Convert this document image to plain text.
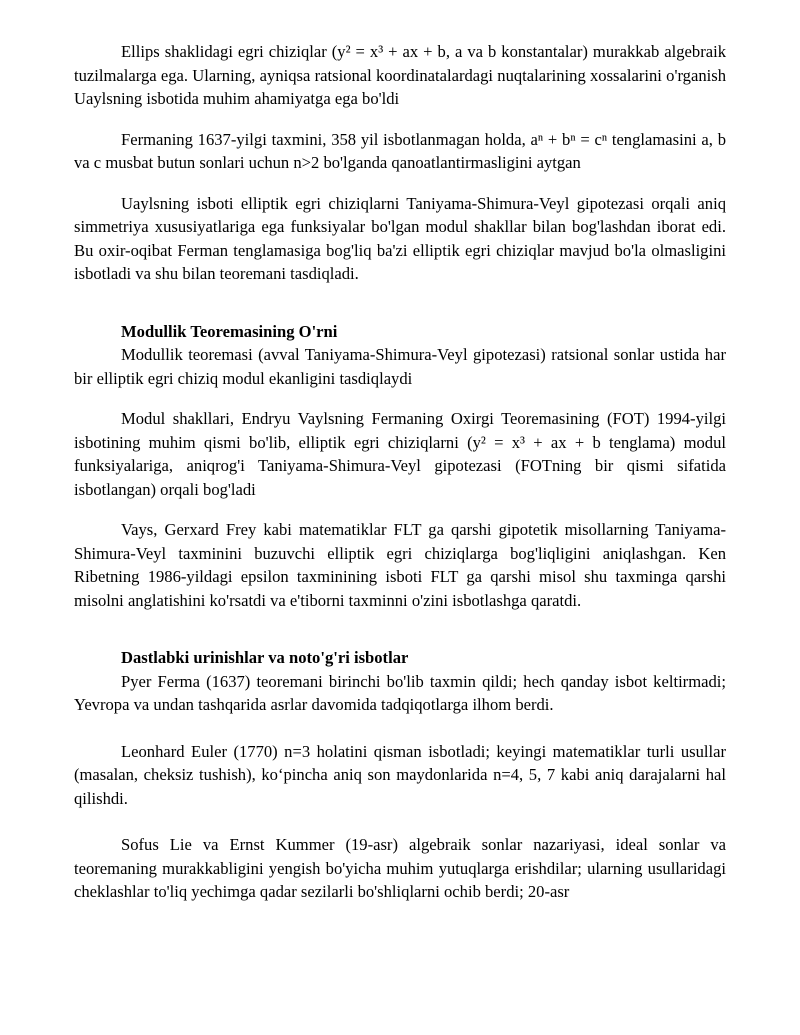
Ellips shaklidagi egri chiziqlar (y² = x³ + ax + b, a va b konstantalar) murakkab algebraik tuzilmalarga ega. Ularning, ayniqsa ratsional koordinatalardagi nuqtalarining xossalarini o'rganish Uaylsning isbotida muhim ahamiyatga ega bo'ldi

Fermaning 1637-yilgi taxmini, 358 yil isbotlanmagan holda, aⁿ + bⁿ = cⁿ tenglamasini a, b va c musbat butun sonlari uchun n>2 bo'lganda qanoatlantirmasligini aytgan

Uaylsning isboti elliptik egri chiziqlarni Taniyama-Shimura-Veyl gipotezasi orqali aniq simmetriya xususiyatlariga ega funksiyalar bo'lgan modul shakllar bilan bog'lashdan iborat edi. Bu oxir-oqibat Ferman tenglamasiga bog'liq ba'zi elliptik egri chiziqlar mavjud bo'la olmasligini isbotladi va shu bilan teoremani tasdiqladi.

Modullik Teoremasining O'rni

Modullik teoremasi (avval Taniyama-Shimura-Veyl gipotezasi) ratsional sonlar ustida har bir elliptik egri chiziq modul ekanligini tasdiqlaydi

Modul shakllari, Endryu Vaylsning Fermaning Oxirgi Teoremasining (FOT) 1994-yilgi isbotining muhim qismi bo'lib, elliptik egri chiziqlarni (y² = x³ + ax + b tenglama) modul funksiyalariga, aniqrog'i Taniyama-Shimura-Veyl gipotezasi (FOTning bir qismi sifatida isbotlangan) orqali bog'ladi

Vays, Gerxard Frey kabi matematiklar FLT ga qarshi gipotetik misollarning Taniyama-Shimura-Veyl taxminini buzuvchi elliptik egri chiziqlarga bog'liqligini aniqlashgan. Ken Ribetning 1986-yildagi epsilon taxminining isboti FLT ga qarshi misol shu taxminga qarshi misolni anglatishini ko'rsatdi va e'tiborni taxminni o'zini isbotlashga qaratdi.

Dastlabki urinishlar va noto'g'ri isbotlar

Pyer Ferma (1637) teoremani birinchi bo'lib taxmin qildi; hech qanday isbot keltirmadi; Yevropa va undan tashqarida asrlar davomida tadqiqotlarga ilhom berdi.

Leonhard Euler (1770) n=3 holatini qisman isbotladi; keyingi matematiklar turli usullar (masalan, cheksiz tushish), ko‘pincha aniq son maydonlarida n=4, 5, 7 kabi aniq darajalarni hal qilishdi.

Sofus Lie va Ernst Kummer (19-asr) algebraik sonlar nazariyasi, ideal sonlar va teoremaning murakkabligini yengish bo'yicha muhim yutuqlarga erishdilar; ularning usullaridagi cheklashlar to'liq yechimga qadar sezilarli bo'shliqlarni ochib berdi; 20-asr
